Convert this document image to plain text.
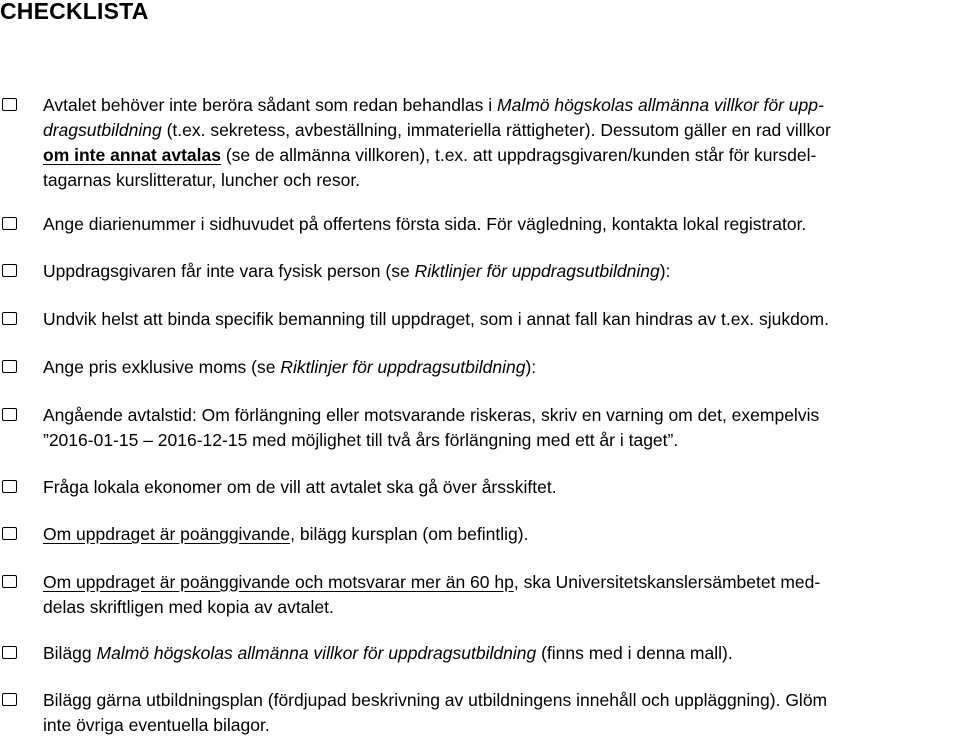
CHECKLISTA
Avtalet behöver inte beröra sådant som redan behandlas i Malmö högskolas allmänna villkor för upp-
dragsutbildning (t.ex. sekretess, avbeställning, immateriella rättigheter). Dessutom gäller en rad villkor
om inte annat avtalas (se de allmänna villkoren), t.ex. att uppdragsgivaren/kunden står för kursdel-
tagarnas kurslitteratur, luncher och resor.
Ange diarienummer i sidhuvudet på offertens första sida. För vägledning, kontakta lokal registrator.
Uppdragsgivaren får inte vara fysisk person (se Riktlinjer för uppdragsutbildning):
Undvik helst att binda specifik bemanning till uppdraget, som i annat fall kan hindras av t.ex. sjukdom.
Ange pris exklusive moms (se Riktlinjer för uppdragsutbildning):
Angående avtalstid: Om förlängning eller motsvarande riskeras, skriv en varning om det, exempelvis
”2016-01-15 – 2016-12-15 med möjlighet till två års förlängning med ett år i taget”.
Fråga lokala ekonomer om de vill att avtalet ska gå över årsskiftet.
Om uppdraget är poänggivande, bilägg kursplan (om befintlig).
Om uppdraget är poänggivande och motsvarar mer än 60 hp, ska Universitetskanslersämbetet med-
delas skriftligen med kopia av avtalet.
Bilägg Malmö högskolas allmänna villkor för uppdragsutbildning (finns med i denna mall).
Bilägg gärna utbildningsplan (fördjupad beskrivning av utbildningens innehåll och uppläggning). Glöm
inte övriga eventuella bilagor.
